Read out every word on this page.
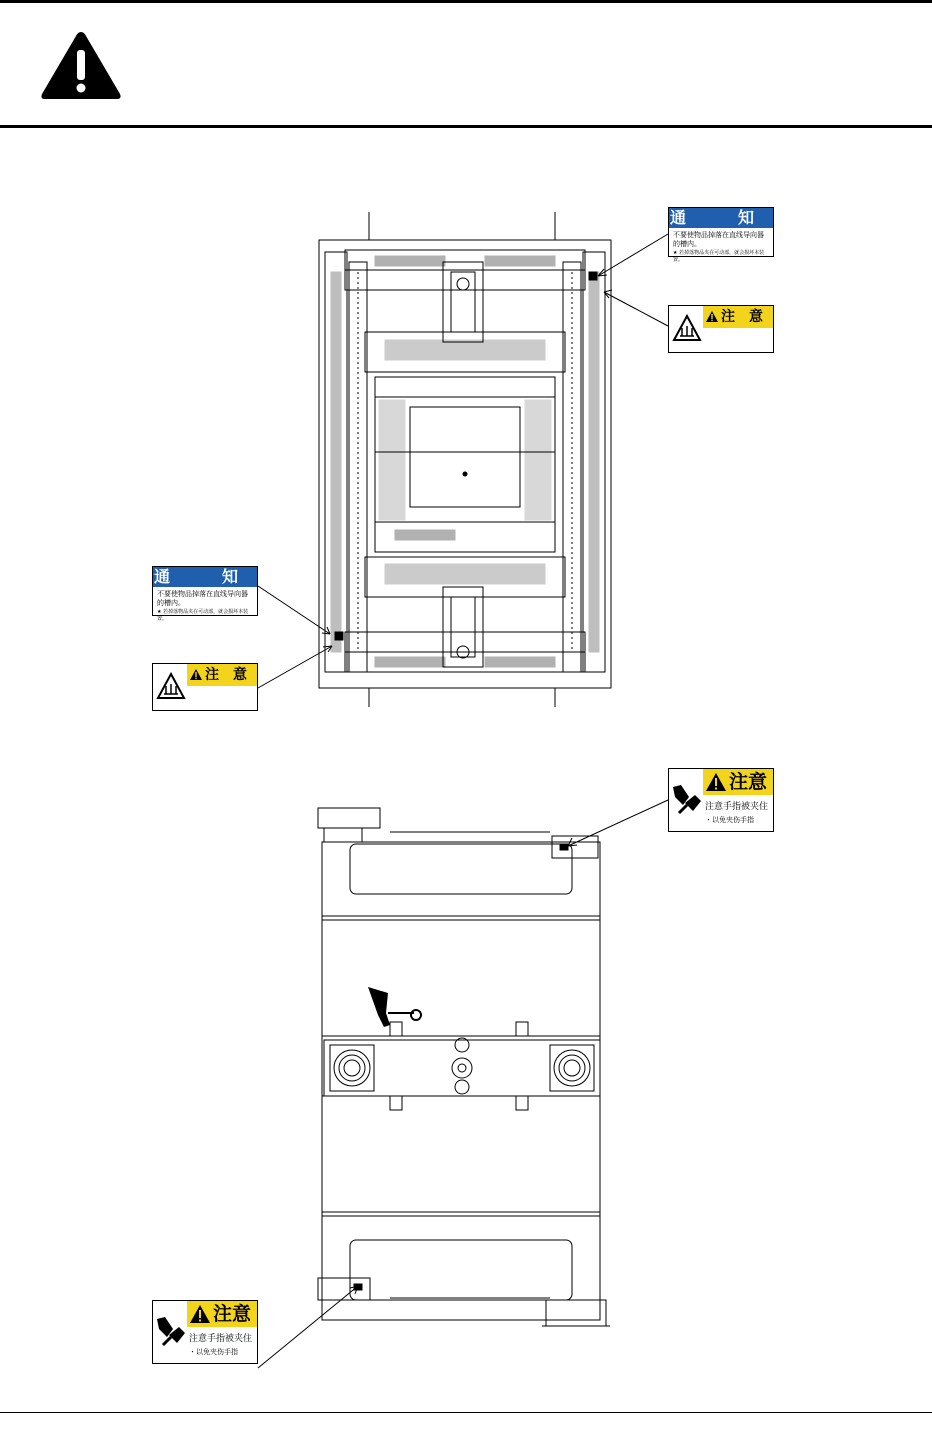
通　知
不要使物品掉落在直线导向器的槽内。
★ 若掉落物品夹在可动部，就会损坏本装置。
注　意
通　知
不要使物品掉落在直线导向器的槽内。
★ 若掉落物品夹在可动部，就会损坏本装置。
注　意
注意
注意手指被夹住
・以免夹伤手指
注意
注意手指被夹住
・以免夹伤手指
